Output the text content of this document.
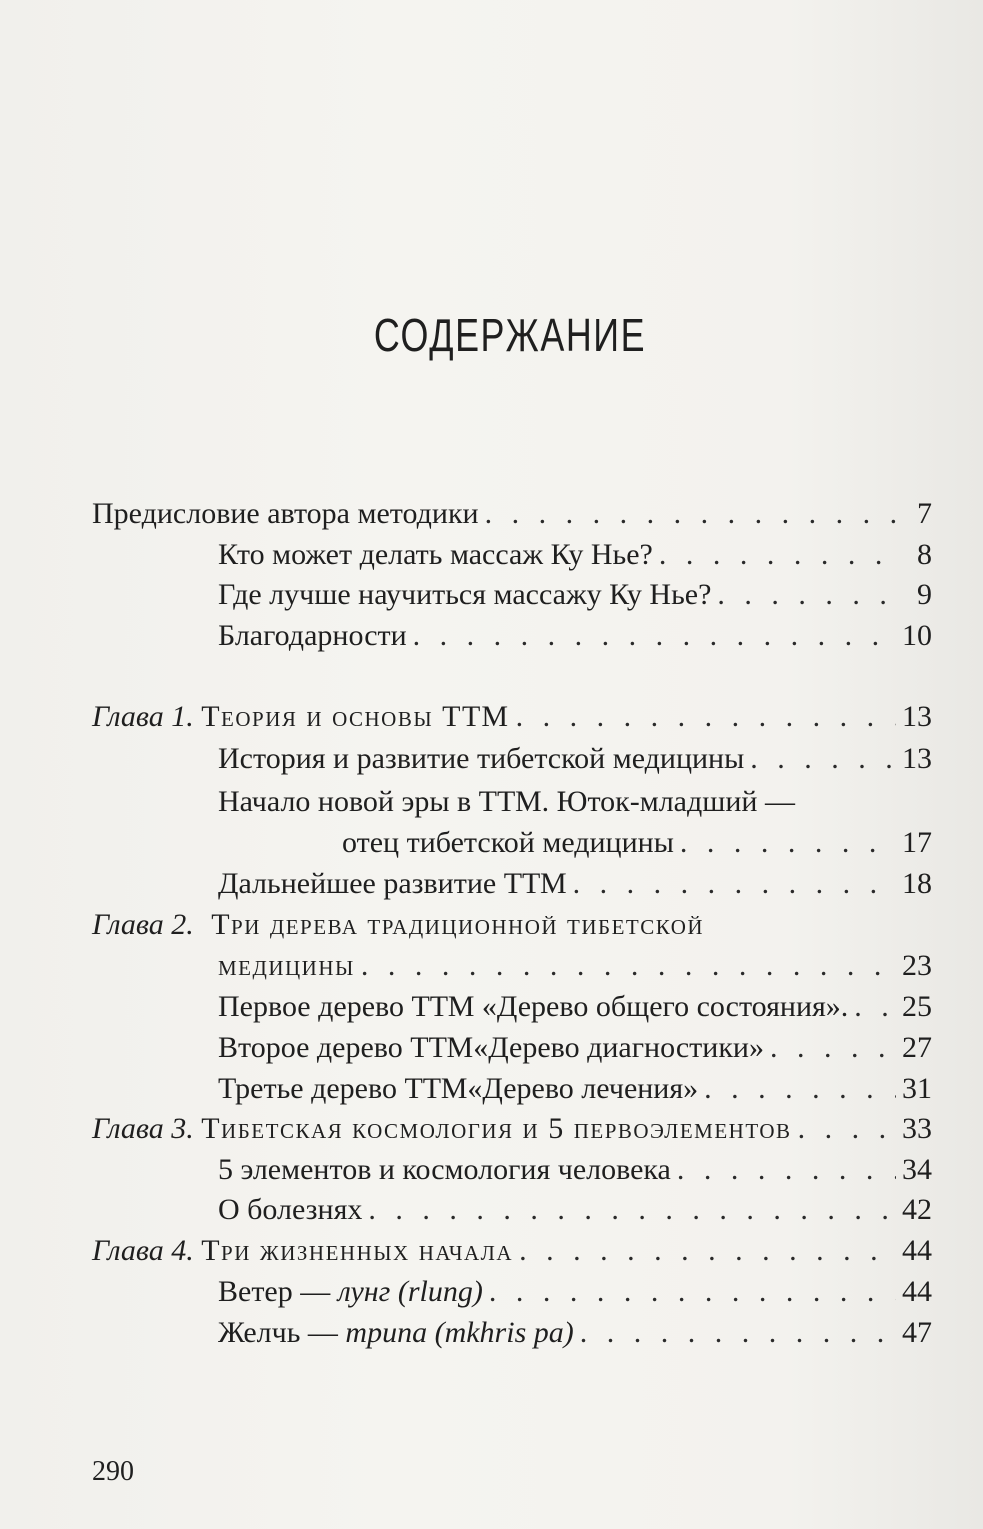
СОДЕРЖАНИЕ
Предисловие автора методики . . .	7
Кто может делать массаж Ку Нье? . . .	8
Где лучше научиться массажу Ку Нье? . . .	9
Благодарности . . .	10
Глава 1. Теория и основы ТТМ . . .	13
История и развитие тибетской медицины . . .	13
Начало новой эры в ТТМ. Юток-младший —
отец тибетской медицины . . .	17
Дальнейшее развитие ТТМ . . .	18
Глава 2. Три дерева традиционной тибетской
медицины . . .	23
Первое дерево ТТМ «Дерево общего состояния». . . . 25
Второе дерево ТТМ«Дерево диагностики» . . .	27
Третье дерево ТТМ«Дерево лечения» . . .	31
Глава 3. Тибетская космология и 5 первоэлементов . . .	33
5 элементов и космология человека . . .	34
О болезнях . . .	42
Глава 4. Три жизненных начала . . .	44
Ветер — лунг (rlung) . . .	44
Желчь — трипа (mkhris pa) . . .	47
290
